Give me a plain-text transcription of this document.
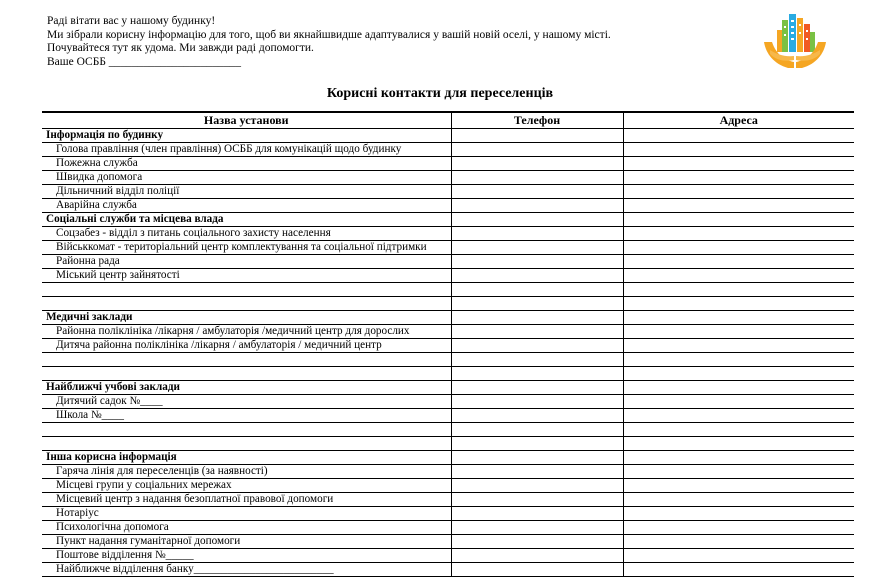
Раді вітати вас у нашому будинку!
Ми зібрали корисну інформацію для того, щоб ви якнайшвидше адаптувалися у вашій новій оселі, у нашому місті.
Почувайтеся тут як удома. Ми завжди раді допомогти.
Ваше ОСББ _______________________
Корисні контакти для переселенців
Назва установи	Телефон	Адреса
Інформація по будинку		
Голова правління (член правління) ОСББ для комунікацій щодо будинку		
Пожежна служба		
Швидка допомога		
Дільничний відділ поліції		
Аварійна служба		
Соціальні служби та місцева влада		
Соцзабез - відділ з питань соціального захисту населення		
Військкомат - територіальний центр комплектування та соціальної підтримки		
Районна рада		
Міський центр зайнятості		

Медичні заклади		
Районна поліклініка /лікарня / амбулаторія /медичний центр для дорослих		
Дитяча районна поліклініка /лікарня / амбулаторія / медичний центр		

Найближчі учбові заклади		
Дитячий садок №____		
Школа №____		

Інша корисна інформація		
Гаряча лінія для переселенців (за наявності)		
Місцеві групи у соціальних мережах		
Місцевий центр з надання безоплатної правової допомоги		
Нотаріус		
Психологічна допомога		
Пункт надання гуманітарної допомоги		
Поштове відділення №_____		
Найближче відділення банку_________________________		
